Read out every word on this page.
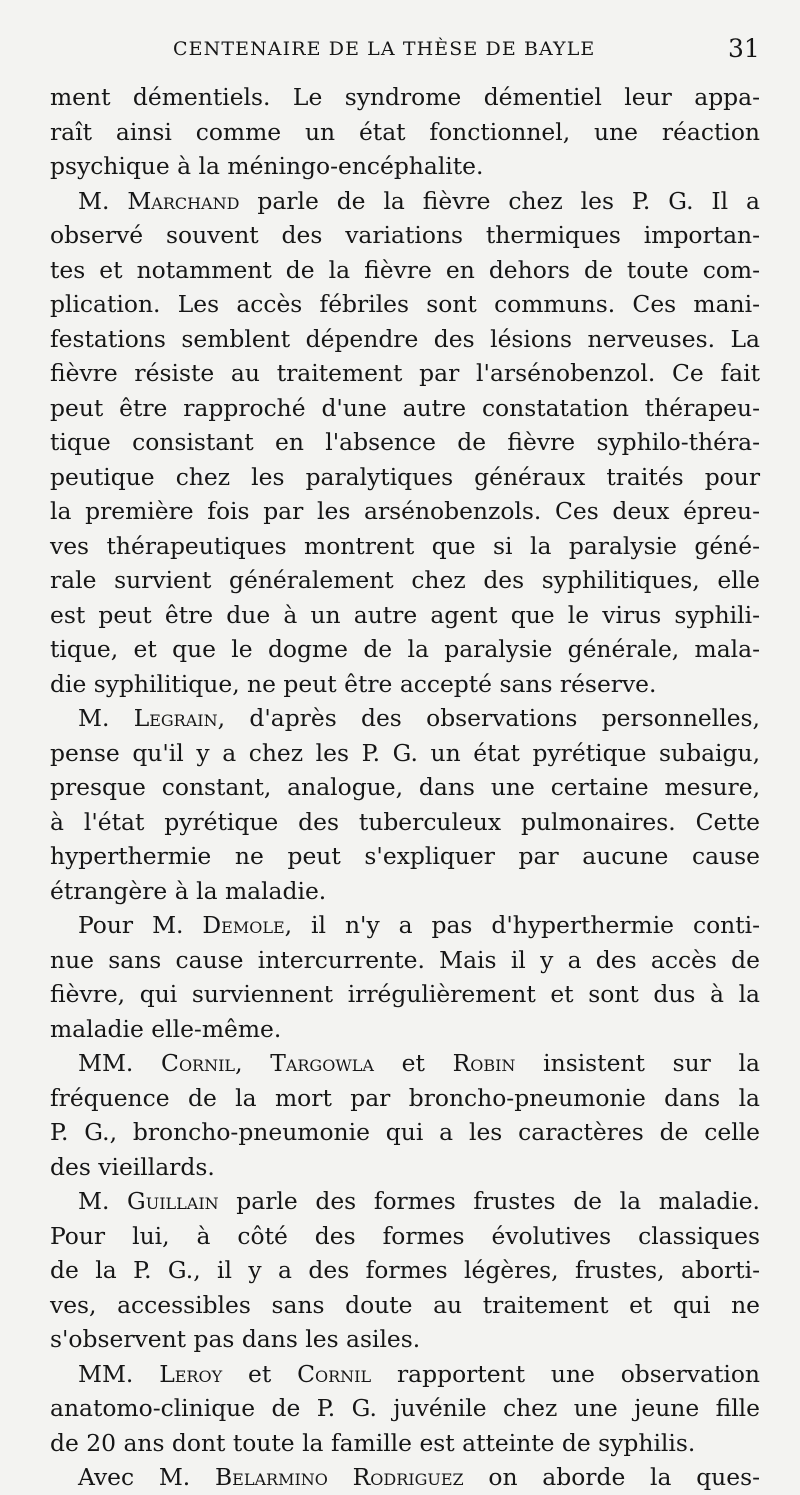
CENTENAIRE DE LA THÈSE DE BAYLE	31
ment démentiels. Le syndrome démentiel leur appa-
raît ainsi comme un état fonctionnel, une réaction
psychique à la méningo-encéphalite.
M. Marchand parle de la fièvre chez les P. G. Il a
observé souvent des variations thermiques importan-
tes et notamment de la fièvre en dehors de toute com-
plication. Les accès fébriles sont communs. Ces mani-
festations semblent dépendre des lésions nerveuses. La
fièvre résiste au traitement par l'arsénobenzol. Ce fait
peut être rapproché d'une autre constatation thérapeu-
tique consistant en l'absence de fièvre syphilo-théra-
peutique chez les paralytiques généraux traités pour
la première fois par les arsénobenzols. Ces deux épreu-
ves thérapeutiques montrent que si la paralysie géné-
rale survient généralement chez des syphilitiques, elle
est peut être due à un autre agent que le virus syphili-
tique, et que le dogme de la paralysie générale, mala-
die syphilitique, ne peut être accepté sans réserve.
M. Legrain, d'après des observations personnelles,
pense qu'il y a chez les P. G. un état pyrétique subaigu,
presque constant, analogue, dans une certaine mesure,
à l'état pyrétique des tuberculeux pulmonaires. Cette
hyperthermie ne peut s'expliquer par aucune cause
étrangère à la maladie.
Pour M. Demole, il n'y a pas d'hyperthermie conti-
nue sans cause intercurrente. Mais il y a des accès de
fièvre, qui surviennent irrégulièrement et sont dus à la
maladie elle-même.
MM. Cornil, Targowla et Robin insistent sur la
fréquence de la mort par broncho-pneumonie dans la
P. G., broncho-pneumonie qui a les caractères de celle
des vieillards.
M. Guillain parle des formes frustes de la maladie.
Pour lui, à côté des formes évolutives classiques
de la P. G., il y a des formes légères, frustes, aborti-
ves, accessibles sans doute au traitement et qui ne
s'observent pas dans les asiles.
MM. Leroy et Cornil rapportent une observation
anatomo-clinique de P. G. juvénile chez une jeune fille
de 20 ans dont toute la famille est atteinte de syphilis.
Avec M. Belarmino Rodriguez on aborde la ques-
